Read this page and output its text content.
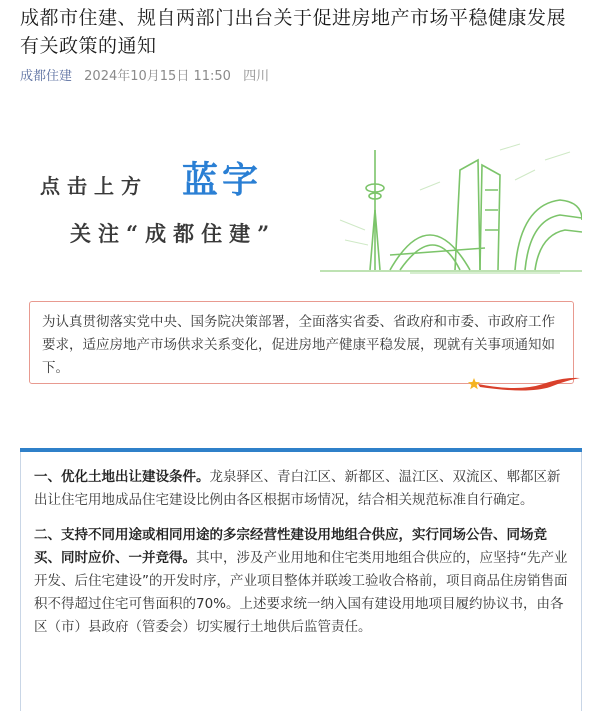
成都市住建、规自两部门出台关于促进房地产市场平稳健康发展有关政策的通知
成都住建 2024年10月15日 11:50 四川
点击上方 蓝字
关注“成都住建”
为认真贯彻落实党中央、国务院决策部署，全面落实省委、省政府和市委、市政府工作要求，适应房地产市场供求关系变化，促进房地产健康平稳发展，现就有关事项通知如下。

一、优化土地出让建设条件。龙泉驿区、青白江区、新都区、温江区、双流区、郫都区新出让住宅用地成品住宅建设比例由各区根据市场情况，结合相关规范标准自行确定。

二、支持不同用途或相同用途的多宗经营性建设用地组合供应，实行同场公告、同场竞买、同时应价、一并竞得。其中，涉及产业用地和住宅类用地组合供应的，应坚持“先产业开发、后住宅建设”的开发时序，产业项目整体并联竣工验收合格前，项目商品住房销售面积不得超过住宅可售面积的70%。上述要求统一纳入国有建设用地项目履约协议书，由各区（市）县政府（管委会）切实履行土地供后监管责任。
